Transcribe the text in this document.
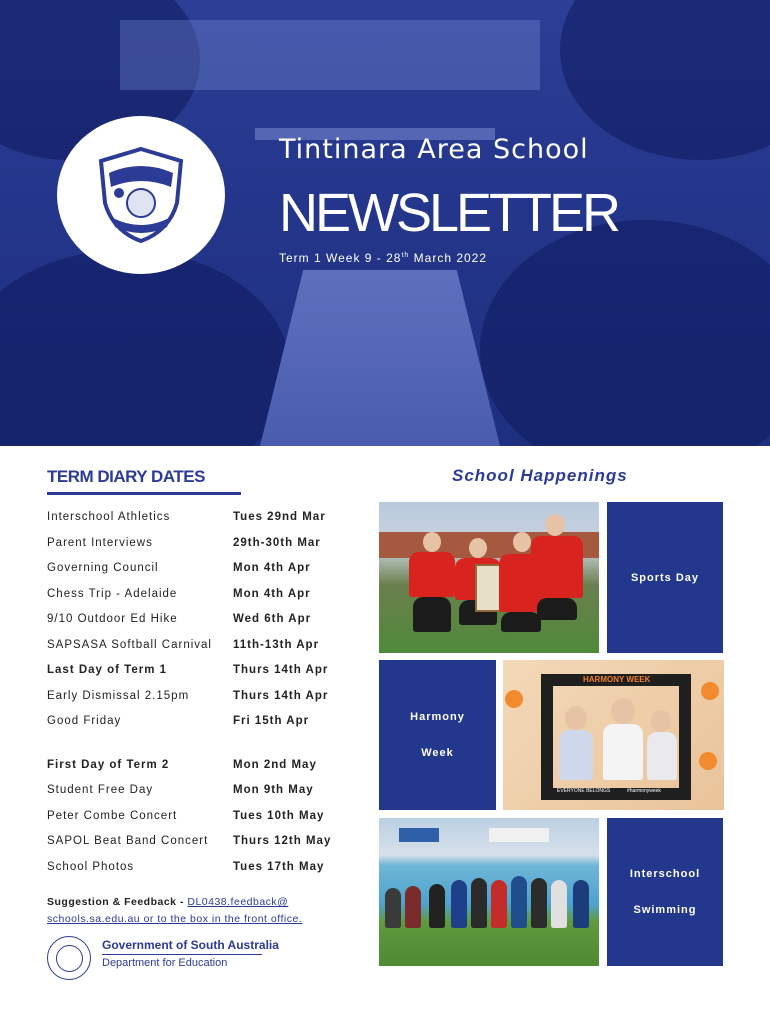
Tintinara Area School
NEWSLETTER
Term 1 Week 9 - 28th March 2022
TERM DIARY DATES
Interschool Athletics	Tues 29nd Mar
Parent Interviews	29th-30th Mar
Governing Council	Mon 4th Apr
Chess Trip - Adelaide	Mon 4th Apr
9/10 Outdoor Ed Hike	Wed 6th Apr
SAPSASA Softball Carnival 11th-13th Apr
Last Day of Term 1	Thurs 14th Apr
Early Dismissal 2.15pm	Thurs 14th Apr
Good Friday	Fri 15th Apr
First Day of Term 2	Mon 2nd May
Student Free Day	Mon 9th May
Peter Combe Concert	Tues 10th May
SAPOL Beat Band Concert Thurs 12th May
School Photos	Tues 17th May
Suggestion & Feedback - DL0438.feedback@
schools.sa.edu.au or to the box in the front office.
Government of South Australia
Department for Education
School Happenings
Sports Day
Harmony

Week
HARMONY WEEK
EVERYONE BELONGS	#harmonyweek
Interschool

Swimming
